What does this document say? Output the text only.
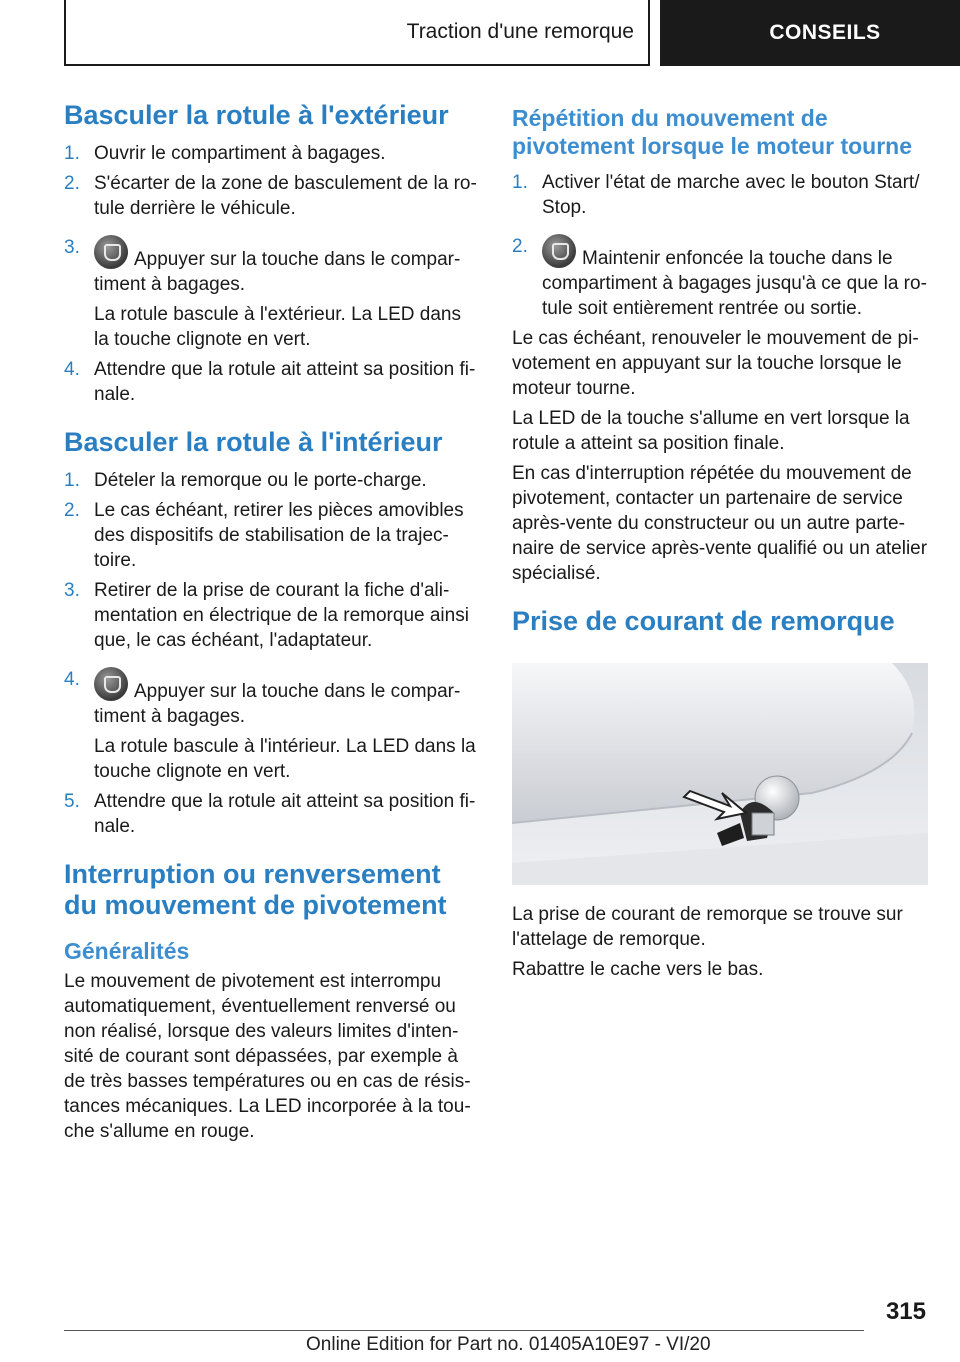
Traction d'une remorque	CONSEILS
Basculer la rotule à l'extérieur
1. Ouvrir le compartiment à bagages.
2. S'écarter de la zone de basculement de la rotule derrière le véhicule.
3.
Appuyer sur la touche dans le compartiment à bagages.

La rotule bascule à l'extérieur. La LED dans la touche clignote en vert.

4. Attendre que la rotule ait atteint sa position finale.
Basculer la rotule à l'intérieur
1. Dételer la remorque ou le porte-charge.
2. Le cas échéant, retirer les pièces amovibles des dispositifs de stabilisation de la trajectoire.
3. Retirer de la prise de courant la fiche d'alimentation en électrique de la remorque ainsi que, le cas échéant, l'adaptateur.
4.
Appuyer sur la touche dans le compartiment à bagages.

La rotule bascule à l'intérieur. La LED dans la touche clignote en vert.

5. Attendre que la rotule ait atteint sa position finale.
Interruption ou renversement du mouvement de pivotement
Généralités

Le mouvement de pivotement est interrompu automatiquement, éventuellement renversé ou non réalisé, lorsque des valeurs limites d'intensité de courant sont dépassées, par exemple à de très basses températures ou en cas de résistances mécaniques. La LED incorporée à la touche s'allume en rouge.

Répétition du mouvement de pivotement lorsque le moteur tourne
1. Activer l'état de marche avec le bouton Start/ Stop.
2.
Maintenir enfoncée la touche dans le compartiment à bagages jusqu'à ce que la rotule soit entièrement rentrée ou sortie.

Le cas échéant, renouveler le mouvement de pivotement en appuyant sur la touche lorsque le moteur tourne.

La LED de la touche s'allume en vert lorsque la rotule a atteint sa position finale.

En cas d'interruption répétée du mouvement de pivotement, contacter un partenaire de service après-vente du constructeur ou un autre partenaire de service après-vente qualifié ou un atelier spécialisé.

Prise de courant de remorque

La prise de courant de remorque se trouve sur l'attelage de remorque.

Rabattre le cache vers le bas.

315
Online Edition for Part no. 01405A10E97 - VI/20
